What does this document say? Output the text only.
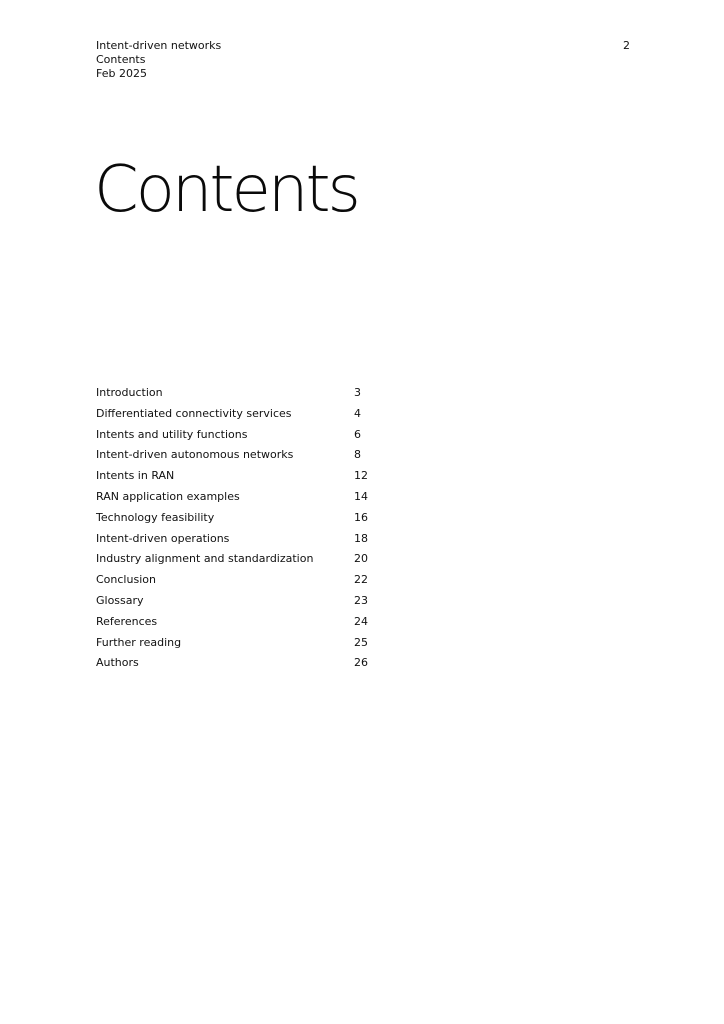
Intent-driven networks
Contents
Feb 2025
2
Contents
Introduction	3
Differentiated connectivity services	4
Intents and utility functions	6
Intent-driven autonomous networks	8
Intents in RAN	12
RAN application examples	14
Technology feasibility	16
Intent-driven operations	18
Industry alignment and standardization	20
Conclusion	22
Glossary	23
References	24
Further reading	25
Authors	26
